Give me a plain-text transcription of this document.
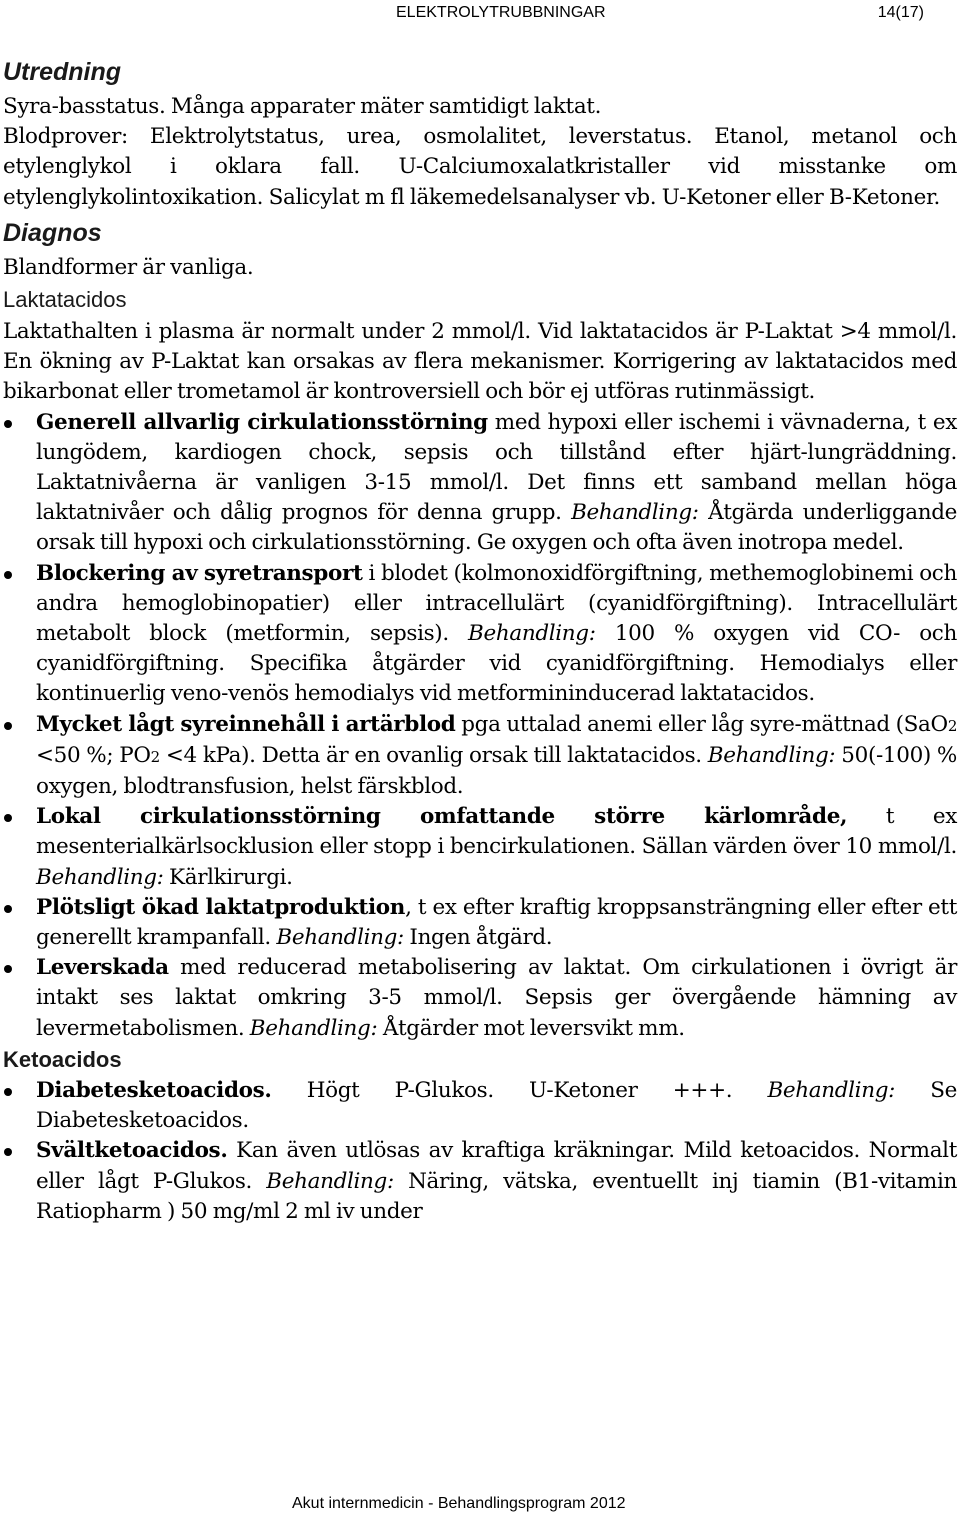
ELEKTROLYTRUBBNINGAR	14(17)
Utredning

Syra-basstatus. Många apparater mäter samtidigt laktat.

Blodprover: Elektrolytstatus, urea, osmolalitet, leverstatus. Etanol, metanol och etylenglykol i oklara fall. U-Calciumoxalatkristaller vid misstanke om etylenglykolintoxikation. Salicylat m fl läkemedelsanalyser vb. U-Ketoner eller B-Ketoner.

Diagnos

Blandformer är vanliga.

Laktatacidos

Laktathalten i plasma är normalt under 2 mmol/l. Vid laktatacidos är P-Laktat >4 mmol/l. En ökning av P-Laktat kan orsakas av flera mekanismer. Korrigering av laktatacidos med bikarbonat eller trometamol är kontroversiell och bör ej utföras rutinmässigt.

Generell allvarlig cirkulationsstörning med hypoxi eller ischemi i vävnaderna, t ex lungödem, kardiogen chock, sepsis och tillstånd efter hjärt-lungräddning. Laktatnivåerna är vanligen 3-15 mmol/l. Det finns ett samband mellan höga laktatnivåer och dålig prognos för denna grupp. Behandling: Åtgärda underliggande orsak till hypoxi och cirkulationsstörning. Ge oxygen och ofta även inotropa medel.
Blockering av syretransport i blodet (kolmonoxidförgiftning, methemoglobinemi och andra hemoglobinopatier) eller intracellulärt (cyanidförgiftning). Intracellulärt metabolt block (metformin, sepsis). Behandling: 100 % oxygen vid CO- och cyanidförgiftning. Specifika åtgärder vid cyanidförgiftning. Hemodialys eller kontinuerlig veno-venös hemodialys vid metformininducerad laktatacidos.
Mycket lågt syreinnehåll i artärblod pga uttalad anemi eller låg syre-mättnad (SaO2 <50 %; PO2 <4 kPa). Detta är en ovanlig orsak till laktatacidos. Behandling: 50(-100) % oxygen, blodtransfusion, helst färskblod.
Lokal cirkulationsstörning omfattande större kärlområde, t ex mesenterialkärlsocklusion eller stopp i bencirkulationen. Sällan värden över 10 mmol/l. Behandling: Kärlkirurgi.
Plötsligt ökad laktatproduktion, t ex efter kraftig kroppsansträngning eller efter ett generellt krampanfall. Behandling: Ingen åtgärd.
Leverskada med reducerad metabolisering av laktat. Om cirkulationen i övrigt är intakt ses laktat omkring 3-5 mmol/l. Sepsis ger övergående hämning av levermetabolismen. Behandling: Åtgärder mot leversvikt mm.
Ketoacidos
Diabetesketoacidos. Högt P-Glukos. U-Ketoner +++. Behandling: Se Diabetesketoacidos.
Svältketoacidos. Kan även utlösas av kraftiga kräkningar. Mild ketoacidos. Normalt eller lågt P-Glukos. Behandling: Näring, vätska, eventuellt inj tiamin (B1-vitamin Ratiopharm ) 50 mg/ml 2 ml iv under
Akut internmedicin - Behandlingsprogram 2012
